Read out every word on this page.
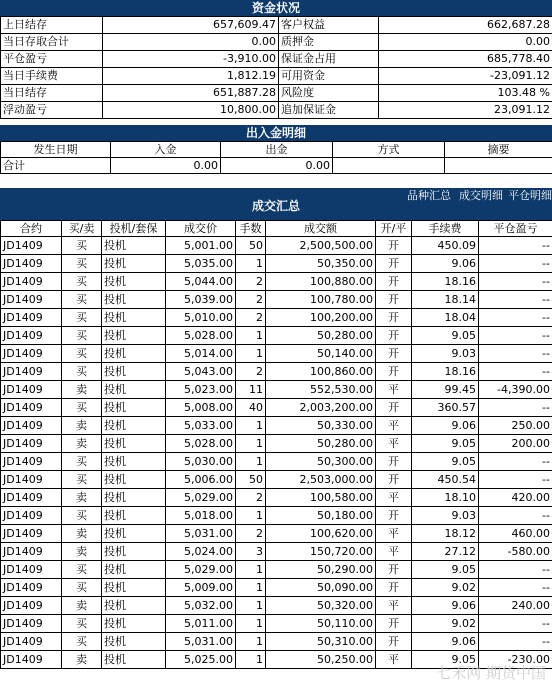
资金状况
上日结存	657,609.47	客户权益	662,687.28
当日存取合计	0.00	质押金	0.00
平仓盈亏	-3,910.00	保证金占用	685,778.40
当日手续费	1,812.19	可用资金	-23,091.12
当日结存	651,887.28	风险度	103.48 %
浮动盈亏	10,800.00	追加保证金	23,091.12
出入金明细
发生日期	入金	出金	方式	摘要
合计	0.00	0.00		
成交汇总
品种汇总 成交明细 平仓明细
合约	买/卖	投机/套保	成交价	手数	成交额	开/平	手续费	平仓盈亏
JD1409	买	投机	5,001.00	50	2,500,500.00	开	450.09	--
JD1409	买	投机	5,035.00	1	50,350.00	开	9.06	--
JD1409	买	投机	5,044.00	2	100,880.00	开	18.16	--
JD1409	买	投机	5,039.00	2	100,780.00	开	18.14	--
JD1409	买	投机	5,010.00	2	100,200.00	开	18.04	--
JD1409	买	投机	5,028.00	1	50,280.00	开	9.05	--
JD1409	买	投机	5,014.00	1	50,140.00	开	9.03	--
JD1409	买	投机	5,043.00	2	100,860.00	开	18.16	--
JD1409	卖	投机	5,023.00	11	552,530.00	平	99.45	-4,390.00
JD1409	买	投机	5,008.00	40	2,003,200.00	开	360.57	--
JD1409	卖	投机	5,033.00	1	50,330.00	平	9.06	250.00
JD1409	卖	投机	5,028.00	1	50,280.00	平	9.05	200.00
JD1409	买	投机	5,030.00	1	50,300.00	开	9.05	--
JD1409	买	投机	5,006.00	50	2,503,000.00	开	450.54	--
JD1409	卖	投机	5,029.00	2	100,580.00	平	18.10	420.00
JD1409	买	投机	5,018.00	1	50,180.00	开	9.03	--
JD1409	卖	投机	5,031.00	2	100,620.00	平	18.12	460.00
JD1409	卖	投机	5,024.00	3	150,720.00	平	27.12	-580.00
JD1409	买	投机	5,029.00	1	50,290.00	开	9.05	--
JD1409	买	投机	5,009.00	1	50,090.00	开	9.02	--
JD1409	卖	投机	5,032.00	1	50,320.00	平	9.06	240.00
JD1409	买	投机	5,011.00	1	50,110.00	开	9.02	--
JD1409	买	投机	5,031.00	1	50,310.00	开	9.06	--
JD1409	卖	投机	5,025.00	1	50,250.00	平	9.05	-230.00
七禾网 期货中国
